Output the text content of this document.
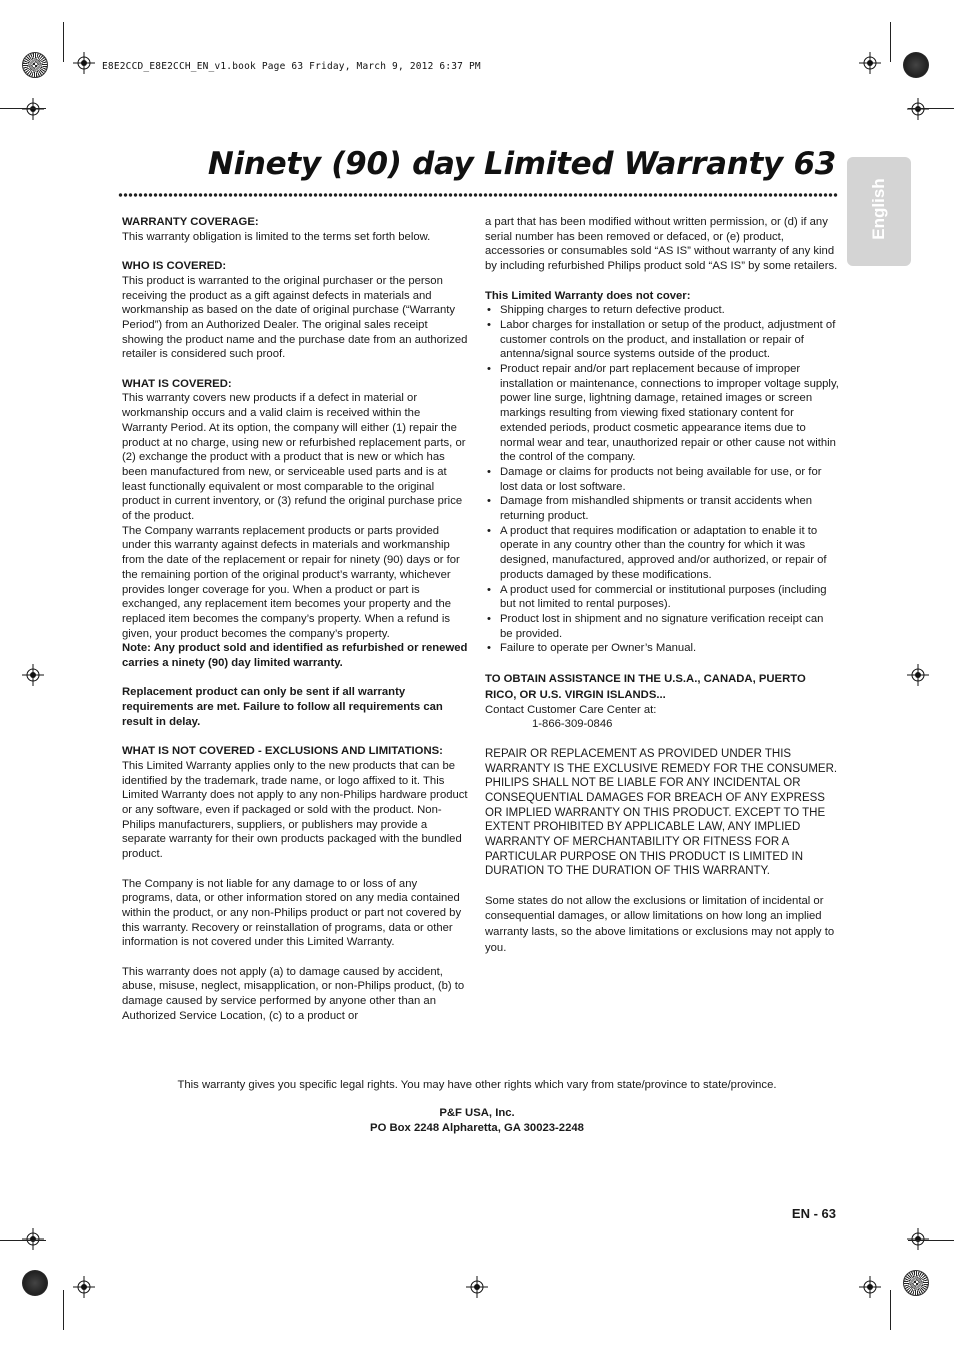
E8E2CCD_E8E2CCH_EN_v1.book Page 63 Friday, March 9, 2012 6:37 PM
Ninety (90) day Limited Warranty 63
English

WARRANTY COVERAGE:

This warranty obligation is limited to the terms set forth below.

WHO IS COVERED:

This product is warranted to the original purchaser or the person receiving the product as a gift against defects in materials and workmanship as based on the date of original purchase (“Warranty Period”) from an Authorized Dealer. The original sales receipt showing the product name and the purchase date from an authorized retailer is considered such proof.

WHAT IS COVERED:

This warranty covers new products if a defect in material or workmanship occurs and a valid claim is received within the Warranty Period. At its option, the company will either (1) repair the product at no charge, using new or refurbished replacement parts, or (2) exchange the product with a product that is new or which has been manufactured from new, or serviceable used parts and is at least functionally equivalent or most comparable to the original product in current inventory, or (3) refund the original purchase price of the product.

The Company warrants replacement products or parts provided under this warranty against defects in materials and workmanship from the date of the replacement or repair for ninety (90) days or for the remaining portion of the original product’s warranty, whichever provides longer coverage for you. When a product or part is exchanged, any replacement item becomes your property and the replaced item becomes the company’s property. When a refund is given, your product becomes the company’s property.

Note: Any product sold and identified as refurbished or renewed carries a ninety (90) day limited warranty.

Replacement product can only be sent if all warranty requirements are met. Failure to follow all requirements can result in delay.

WHAT IS NOT COVERED - EXCLUSIONS AND LIMITATIONS:

This Limited Warranty applies only to the new products that can be identified by the trademark, trade name, or logo affixed to it. This Limited Warranty does not apply to any non-Philips hardware product or any software, even if packaged or sold with the product. Non-Philips manufacturers, suppliers, or publishers may provide a separate warranty for their own products packaged with the bundled product.

The Company is not liable for any damage to or loss of any programs, data, or other information stored on any media contained within the product, or any non-Philips product or part not covered by this warranty. Recovery or reinstallation of programs, data or other information is not covered under this Limited Warranty.

This warranty does not apply (a) to damage caused by accident, abuse, misuse, neglect, misapplication, or non-Philips product, (b) to damage caused by service performed by anyone other than an Authorized Service Location, (c) to a product or

a part that has been modified without written permission, or (d) if any serial number has been removed or defaced, or (e) product, accessories or consumables sold “AS IS” without warranty of any kind by including refurbished Philips product sold “AS IS” by some retailers.

This Limited Warranty does not cover:

• Shipping charges to return defective product.
• Labor charges for installation or setup of the product, adjustment of customer controls on the product, and installation or repair of antenna/signal source systems outside of the product.
• Product repair and/or part replacement because of improper installation or maintenance, connections to improper voltage supply, power line surge, lightning damage, retained images or screen markings resulting from viewing fixed stationary content for extended periods, product cosmetic appearance items due to normal wear and tear, unauthorized repair or other cause not within the control of the company.
• Damage or claims for products not being available for use, or for lost data or lost software.
• Damage from mishandled shipments or transit accidents when returning product.
• A product that requires modification or adaptation to enable it to operate in any country other than the country for which it was designed, manufactured, approved and/or authorized, or repair of products damaged by these modifications.
• A product used for commercial or institutional purposes (including but not limited to rental purposes).
• Product lost in shipment and no signature verification receipt can be provided.
• Failure to operate per Owner’s Manual.

TO OBTAIN ASSISTANCE IN THE U.S.A., CANADA, PUERTO RICO, OR U.S. VIRGIN ISLANDS...

Contact Customer Care Center at:

1-866-309-0846

REPAIR OR REPLACEMENT AS PROVIDED UNDER THIS WARRANTY IS THE EXCLUSIVE REMEDY FOR THE CONSUMER. PHILIPS SHALL NOT BE LIABLE FOR ANY INCIDENTAL OR CONSEQUENTIAL DAMAGES FOR BREACH OF ANY EXPRESS OR IMPLIED WARRANTY ON THIS PRODUCT. EXCEPT TO THE EXTENT PROHIBITED BY APPLICABLE LAW, ANY IMPLIED WARRANTY OF MERCHANTABILITY OR FITNESS FOR A PARTICULAR PURPOSE ON THIS PRODUCT IS LIMITED IN DURATION TO THE DURATION OF THIS WARRANTY.

Some states do not allow the exclusions or limitation of incidental or consequential damages, or allow limitations on how long an implied warranty lasts, so the above limitations or exclusions may not apply to you.

This warranty gives you specific legal rights. You may have other rights which vary from state/province to state/province.
P&F USA, Inc.
PO Box 2248 Alpharetta, GA 30023-2248
EN - 63
